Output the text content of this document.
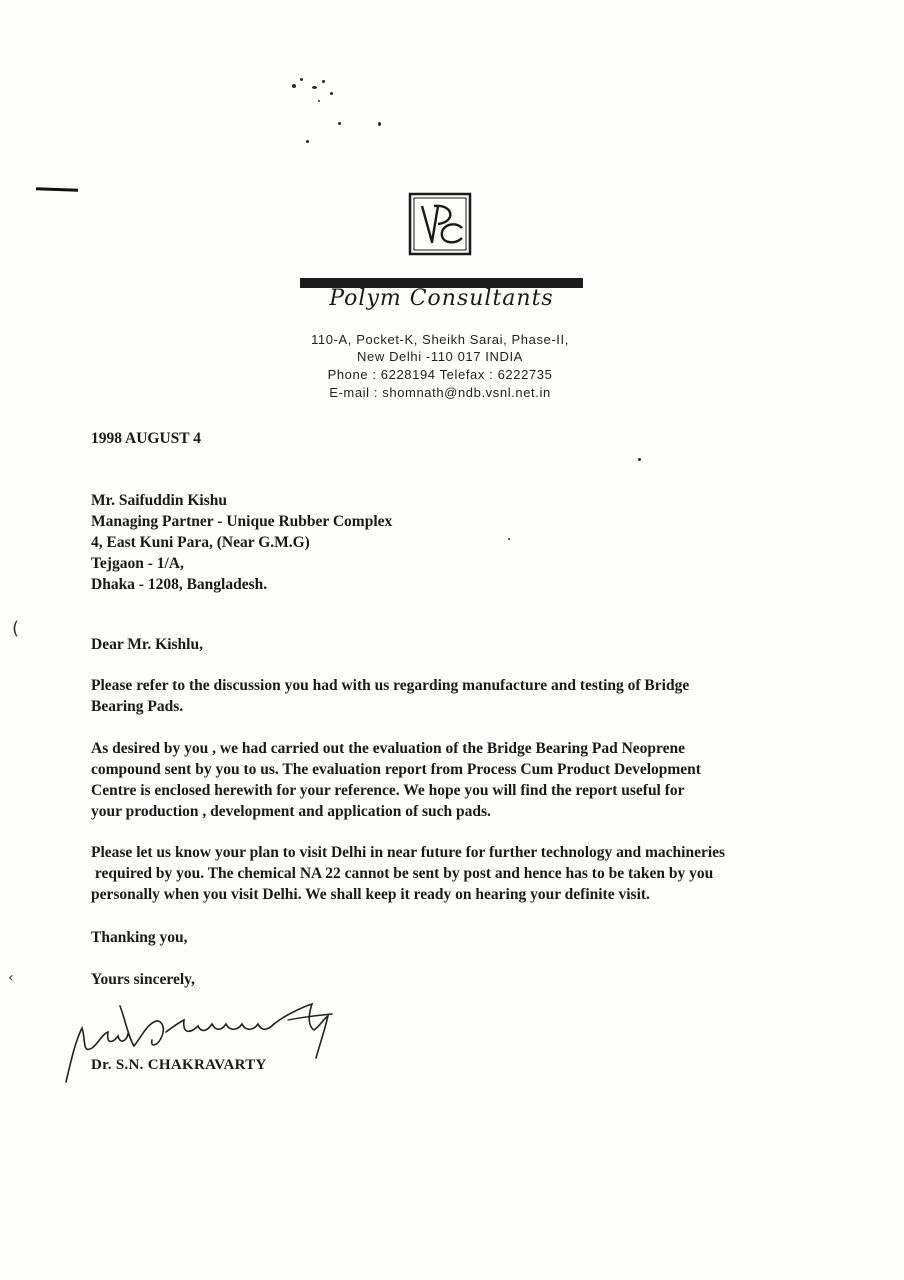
(
‹
Polym Consultants
110-A, Pocket-K, Sheikh Sarai, Phase-II,
New Delhi -110 017 INDIA
Phone : 6228194 Telefax : 6222735
E-mail : shomnath@ndb.vsnl.net.in
1998 AUGUST 4
Mr. Saifuddin Kishu
Managing Partner - Unique Rubber Complex
4, East Kuni Para, (Near G.M.G)
Tejgaon - 1/A,
Dhaka - 1208, Bangladesh.
Dear Mr. Kishlu,
Please refer to the discussion you had with us regarding manufacture and testing of Bridge
Bearing Pads.
As desired by you , we had carried out the evaluation of the Bridge Bearing Pad Neoprene
compound sent by you to us. The evaluation report from Process Cum Product Development
Centre is enclosed herewith for your reference. We hope you will find the report useful for
your production , development and application of such pads.
Please let us know your plan to visit Delhi in near future for further technology and machineries
required by you. The chemical NA 22 cannot be sent by post and hence has to be taken by you
personally when you visit Delhi. We shall keep it ready on hearing your definite visit.
Thanking you,
Yours sincerely,
Dr. S.N. CHAKRAVARTY
